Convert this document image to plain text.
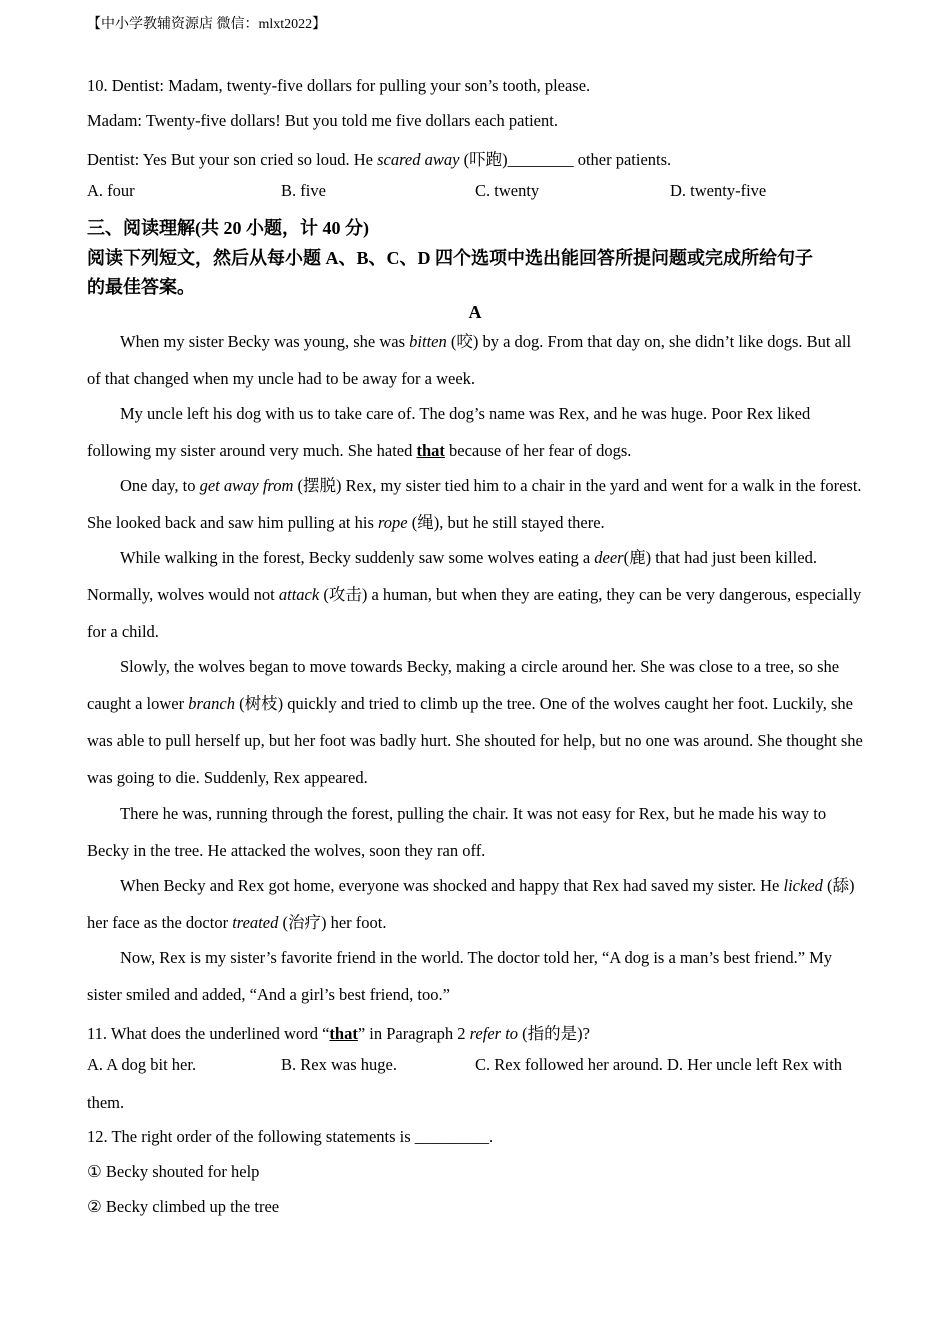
【中小学教辅资源店 微信：mlxt2022】
10. Dentist: Madam, twenty-five dollars for pulling your son’s tooth, please.
Madam: Twenty-five dollars! But you told me five dollars each patient.
Dentist: Yes But your son cried so loud. He scared away (吓跑)________ other patients.
A. four	B. five	C. twenty	D. twenty-five
三、阅读理解(共 20 小题，计 40 分)
阅读下列短文，然后从每小题 A、B、C、D 四个选项中选出能回答所提问题或完成所给句子
的最佳答案。
A
When my sister Becky was young, she was bitten (咬) by a dog. From that day on, she didn’t like dogs. But all of that changed when my uncle had to be away for a week.
My uncle left his dog with us to take care of. The dog’s name was Rex, and he was huge. Poor Rex liked following my sister around very much. She hated that because of her fear of dogs.
One day, to get away from (摆脱) Rex, my sister tied him to a chair in the yard and went for a walk in the forest. She looked back and saw him pulling at his rope (绳), but he still stayed there.
While walking in the forest, Becky suddenly saw some wolves eating a deer(鹿) that had just been killed. Normally, wolves would not attack (攻击) a human, but when they are eating, they can be very dangerous, especially for a child.
Slowly, the wolves began to move towards Becky, making a circle around her. She was close to a tree, so she caught a lower branch (树枝) quickly and tried to climb up the tree. One of the wolves caught her foot. Luckily, she was able to pull herself up, but her foot was badly hurt. She shouted for help, but no one was around. She thought she was going to die. Suddenly, Rex appeared.
There he was, running through the forest, pulling the chair. It was not easy for Rex, but he made his way to Becky in the tree. He attacked the wolves, soon they ran off.
When Becky and Rex got home, everyone was shocked and happy that Rex had saved my sister. He licked (舔) her face as the doctor treated (治疗) her foot.
Now, Rex is my sister’s favorite friend in the world. The doctor told her, “A dog is a man’s best friend.” My sister smiled and added, “And a girl’s best friend, too.”
11. What does the underlined word “that” in Paragraph 2 refer to (指的是)?
A. A dog bit her.	B. Rex was huge.	C. Rex followed her around. D. Her uncle left Rex with
them.
12. The right order of the following statements is _________.
① Becky shouted for help
② Becky climbed up the tree
